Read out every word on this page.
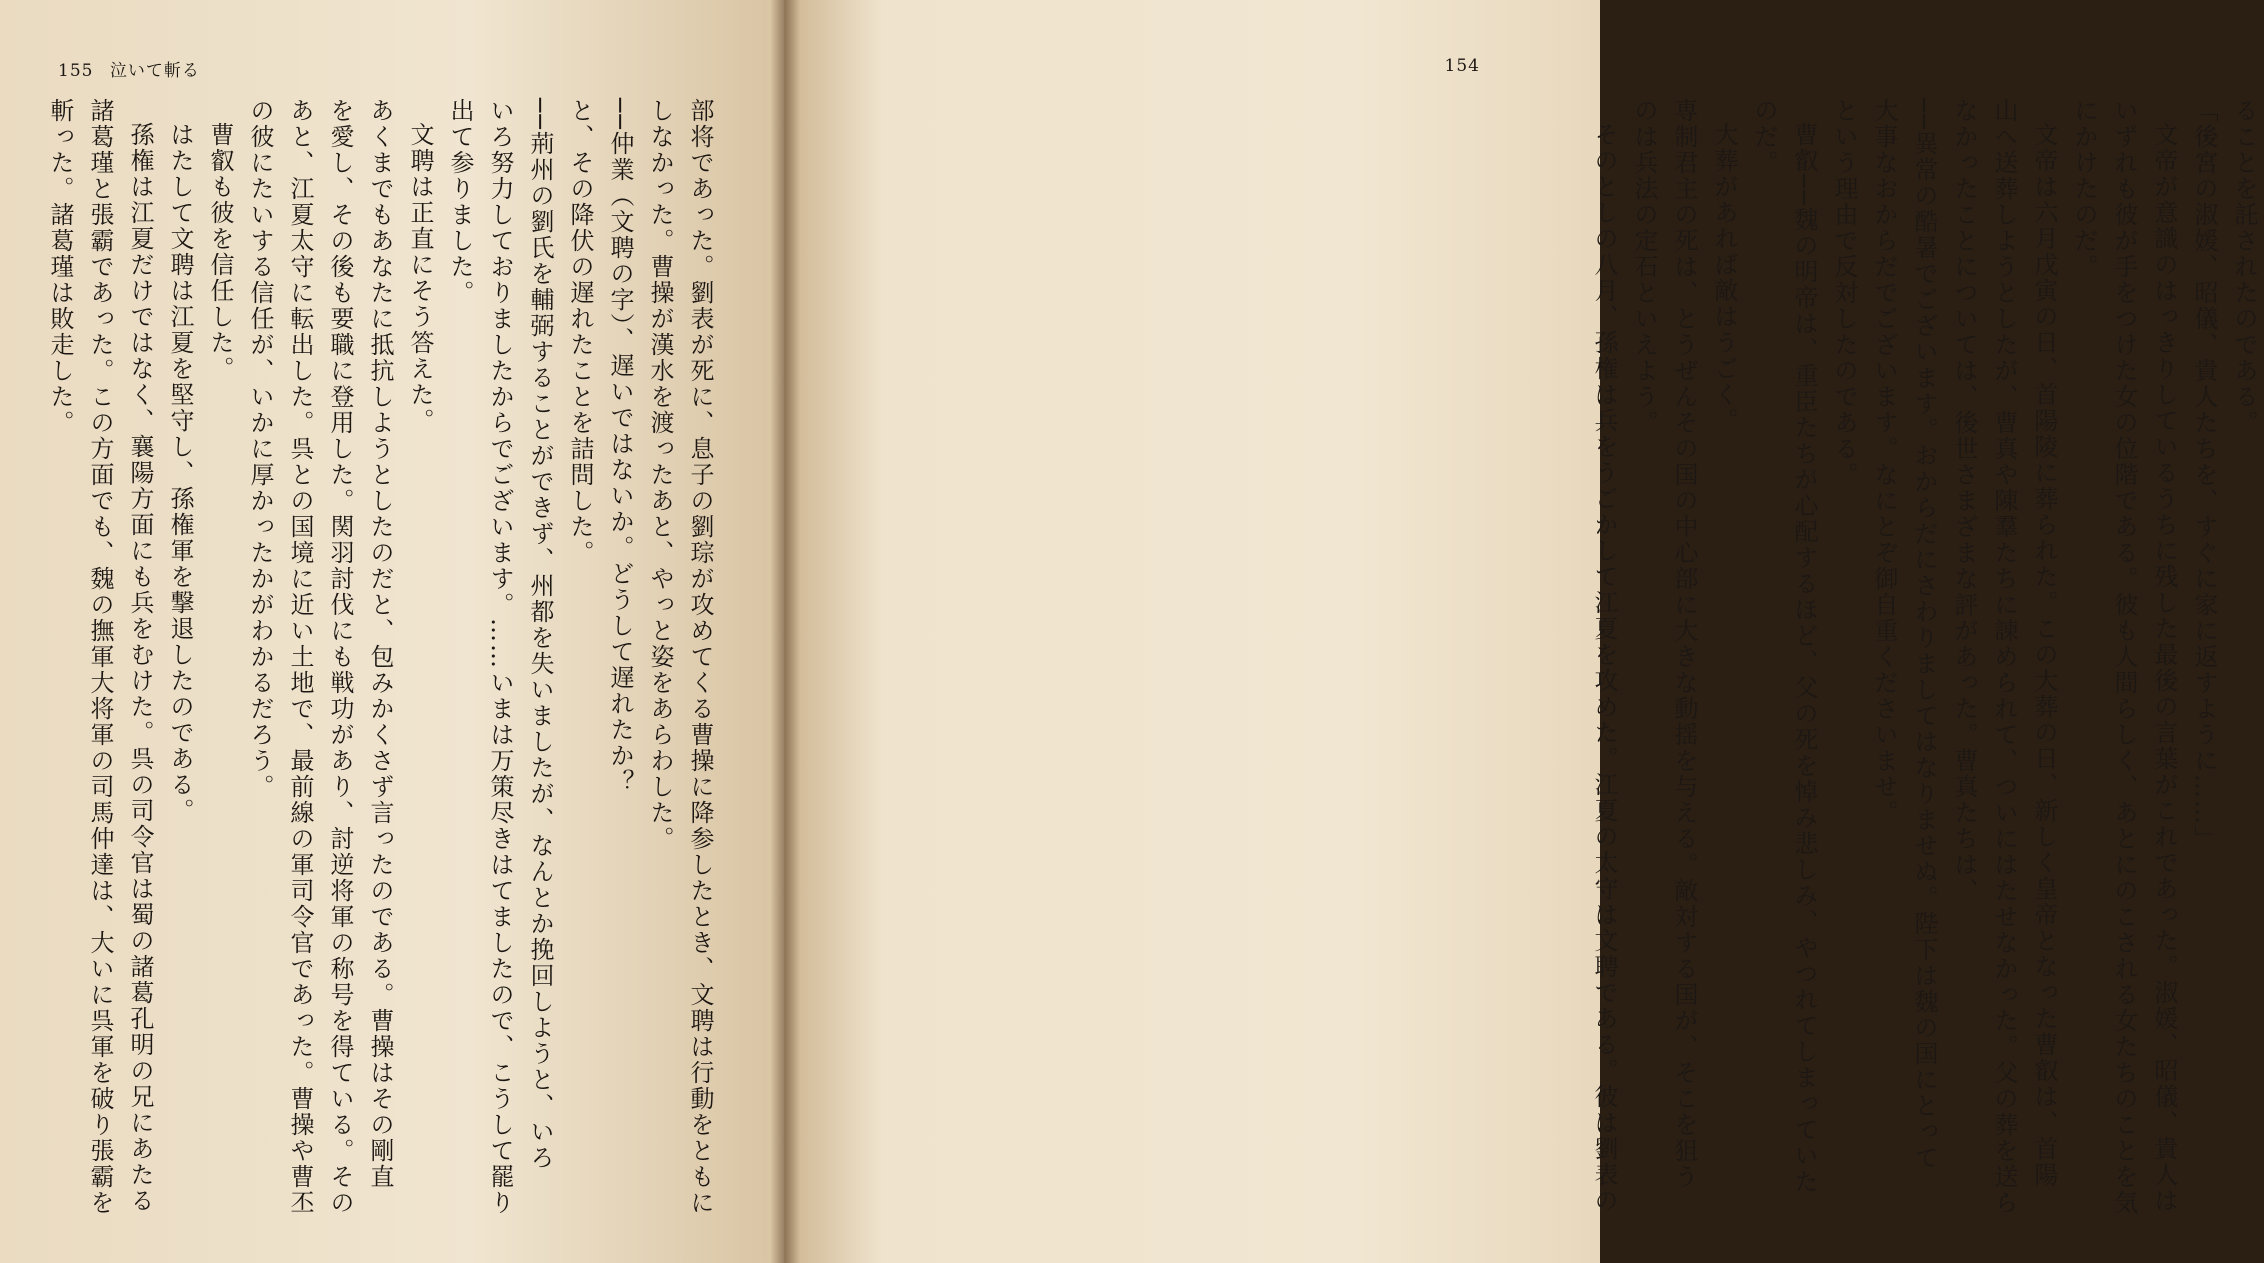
155 泣いて斬る
部将であった。劉表が死に、息子の劉琮が攻めてくる曹操に降参したとき、文聘は行動をともに
しなかった。曹操が漢水を渡ったあと、やっと姿をあらわした。
──仲業（文聘の字）、遅いではないか。どうして遅れたか？
と、その降伏の遅れたことを詰問した。
──荊州の劉氏を輔弼することができず、州都を失いましたが、なんとか挽回しようと、いろ
いろ努力しておりましたからでございます。……いまは万策尽きはてましたので、こうして罷り
出て参りました。
文聘は正直にそう答えた。
あくまでもあなたに抵抗しようとしたのだと、包みかくさず言ったのである。曹操はその剛直
を愛し、その後も要職に登用した。関羽討伐にも戦功があり、討逆将軍の称号を得ている。その
あと、江夏太守に転出した。呉との国境に近い土地で、最前線の軍司令官であった。曹操や曹丕
の彼にたいする信任が、いかに厚かったかがわかるだろう。
曹叡も彼を信任した。
はたして文聘は江夏を堅守し、孫権軍を撃退したのである。
孫権は江夏だけではなく、襄陽方面にも兵をむけた。呉の司令官は蜀の諸葛孔明の兄にあたる
諸葛瑾と張霸であった。この方面でも、魏の撫軍大将軍の司馬仲達は、大いに呉軍を破り張霸を
斬った。諸葛瑾は敗走した。
154
ることを託されたのである。
「後宮の淑媛、昭儀、貴人たちを、すぐに家に返すように……」
文帝が意識のはっきりしているうちに残した最後の言葉がこれであった。淑媛、昭儀、貴人は
いずれも彼が手をつけた女の位階である。彼も人間らしく、あとにのこされる女たちのことを気
にかけたのだ。
文帝は六月戊寅の日、首陽陵に葬られた。この大葬の日、新しく皇帝となった曹叡は、首陽
山へ送葬しようとしたが、曹真や陳羣たちに諫められて、ついにはたせなかった。父の葬を送ら
なかったことについては、後世さまざまな評があった。曹真たちは、
──異常の酷暑でございます。おからだにさわりましてはなりませぬ。陛下は魏の国にとって
大事なおからだでございます。なにとぞ御自重くださいませ。
という理由で反対したのである。
曹叡──魏の明帝は、重臣たちが心配するほど、父の死を悼み悲しみ、やつれてしまっていた
のだ。
大葬があれば敵はうごく。
専制君主の死は、とうぜんその国の中心部に大きな動揺を与える。敵対する国が、そこを狙う
のは兵法の定石といえよう。
そのとしの八月、孫権は兵をうごかして江夏を攻めた。江夏の太守は文聘である。彼は劉表の
